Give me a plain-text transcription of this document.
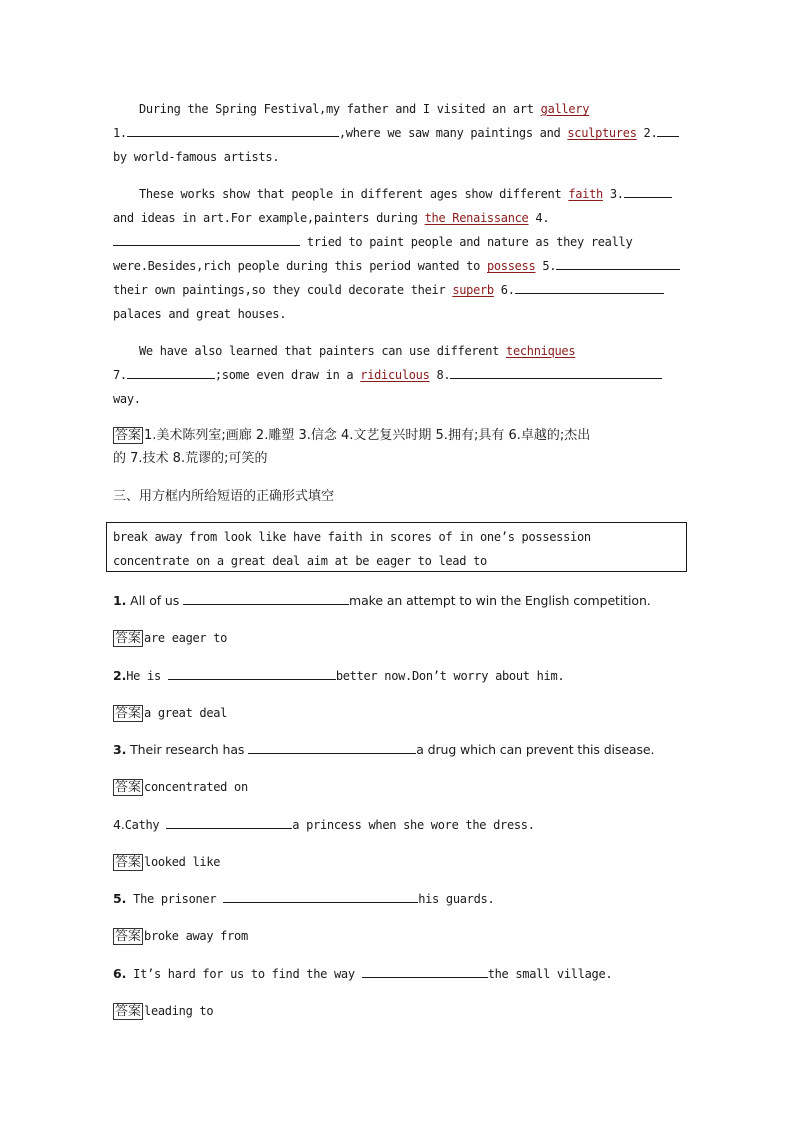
During the Spring Festival,my father and I visited an art gallery
1.	,where we saw many paintings and sculptures 2.
by world-famous artists.
These works show that people in different ages show different faith 3.
and ideas in art.For example,painters during the Renaissance 4.
tried to paint people and nature as they really
were.Besides,rich people during this period wanted to possess 5.
their own paintings,so they could decorate their superb 6.
palaces and great houses.
We have also learned that painters can use different techniques
7.	;some even draw in a ridiculous 8.
way.
答案 1.美术陈列室;画廊 2.雕塑 3.信念 4.文艺复兴时期 5.拥有;具有 6.卓越的;杰出
的 7.技术 8.荒谬的;可笑的
三、用方框内所给短语的正确形式填空
break away from look like have faith in scores of in one’s possession
concentrate on a great deal aim at be eager to lead to
1. All of us	make an attempt to win the English competition.
答案 are eager to
2.He is	better now.Don’t worry about him.
答案 a great deal
3. Their research has	a drug which can prevent this disease.
答案 concentrated on
4.Cathy	a princess when she wore the dress.
答案 looked like
5. The prisoner	his guards.
答案 broke away from
6. It’s hard for us to find the way	the small village.
答案 leading to
